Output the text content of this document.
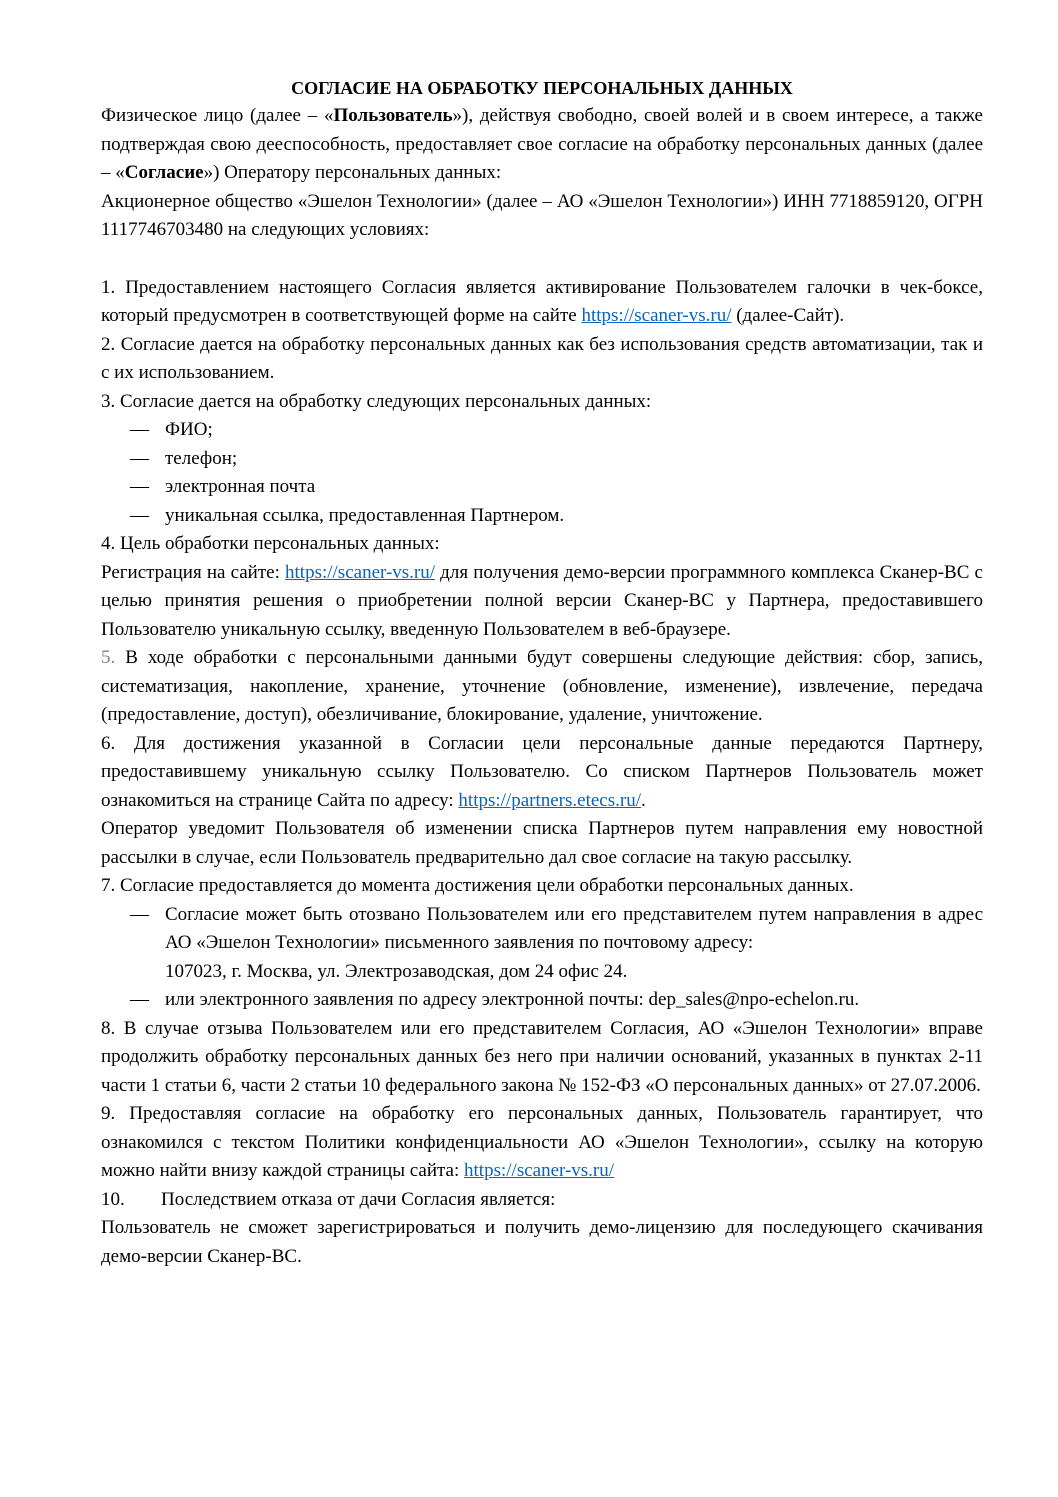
СОГЛАСИЕ НА ОБРАБОТКУ ПЕРСОНАЛЬНЫХ ДАННЫХ

Физическое лицо (далее – «Пользователь»), действуя свободно, своей волей и в своем интересе, а также подтверждая свою дееспособность, предоставляет свое согласие на обработку персональных данных (далее – «Согласие») Оператору персональных данных:

Акционерное общество «Эшелон Технологии» (далее – АО «Эшелон Технологии») ИНН 7718859120, ОГРН 1117746703480 на следующих условиях:

1. Предоставлением настоящего Согласия является активирование Пользователем галочки в чек-боксе, который предусмотрен в соответствующей форме на сайте https://scaner-vs.ru/ (далее-Сайт).

2. Согласие дается на обработку персональных данных как без использования средств автоматизации, так и с их использованием.

3. Согласие дается на обработку следующих персональных данных:

— ФИО;
— телефон;
— электронная почта
— уникальная ссылка, предоставленная Партнером.

4. Цель обработки персональных данных:

Регистрация на сайте: https://scaner-vs.ru/ для получения демо-версии программного комплекса Сканер-ВС с целью принятия решения о приобретении полной версии Сканер-ВС у Партнера, предоставившего Пользователю уникальную ссылку, введенную Пользователем в веб-браузере.

5. В ходе обработки с персональными данными будут совершены следующие действия: сбор, запись, систематизация, накопление, хранение, уточнение (обновление, изменение), извлечение, передача (предоставление, доступ), обезличивание, блокирование, удаление, уничтожение.

6. Для достижения указанной в Согласии цели персональные данные передаются Партнеру, предоставившему уникальную ссылку Пользователю. Со списком Партнеров Пользователь может ознакомиться на странице Сайта по адресу: https://partners.etecs.ru/.

Оператор уведомит Пользователя об изменении списка Партнеров путем направления ему новостной рассылки в случае, если Пользователь предварительно дал свое согласие на такую рассылку.

7. Согласие предоставляется до момента достижения цели обработки персональных данных.

— Согласие может быть отозвано Пользователем или его представителем путем направления в адрес АО «Эшелон Технологии» письменного заявления по почтовому адресу:
107023, г. Москва, ул. Электрозаводская, дом 24 офис 24.
— или электронного заявления по адресу электронной почты: dep_sales@npo-echelon.ru.

8. В случае отзыва Пользователем или его представителем Согласия, АО «Эшелон Технологии» вправе продолжить обработку персональных данных без него при наличии оснований, указанных в пунктах 2-11 части 1 статьи 6, части 2 статьи 10 федерального закона № 152-ФЗ «О персональных данных» от 27.07.2006.

9. Предоставляя согласие на обработку его персональных данных, Пользователь гарантирует, что ознакомился с текстом Политики конфиденциальности АО «Эшелон Технологии», ссылку на которую можно найти внизу каждой страницы сайта: https://scaner-vs.ru/

10. Последствием отказа от дачи Согласия является:

Пользователь не сможет зарегистрироваться и получить демо-лицензию для последующего скачивания демо-версии Сканер-ВС.
